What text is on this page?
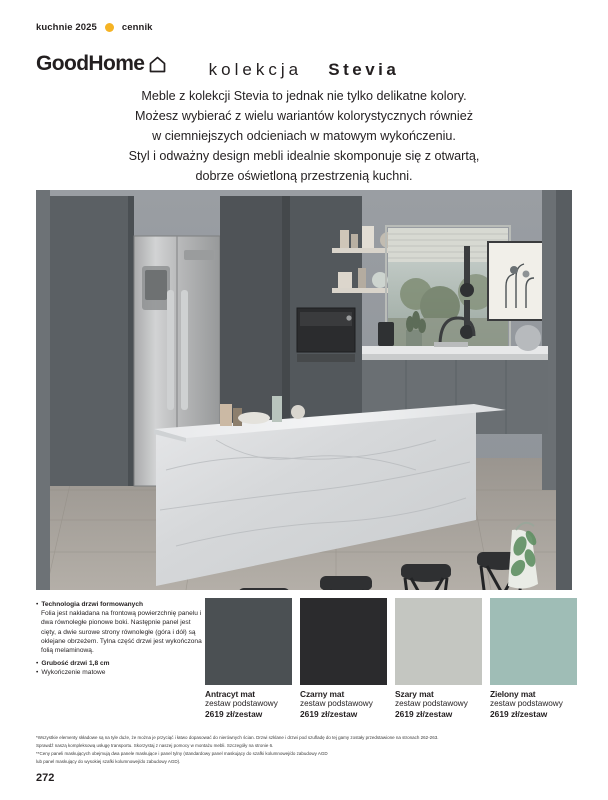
kuchnie 2025	cennik
GoodHome	kolekcja Stevia
Meble z kolekcji Stevia to jednak nie tylko delikatne kolory.
Możesz wybierać z wielu wariantów kolorystycznych również
w ciemniejszych odcieniach w matowym wykończeniu.
Styl i odważny design mebli idealnie skomponuje się z otwartą,
dobrze oświetloną przestrzenią kuchni.
• Technologia drzwi formowanych
Folia jest nakładana na frontową powierzchnię panelu i dwa równoległe pionowe boki. Następnie panel jest cięty, a dwie surowe strony równoległe (góra i dół) są oklejane obrzeżem. Tylna część drzwi jest wykończona folią melaminową.
• Grubość drzwi 1,8 cm
• Wykończenie matowe
Antracyt mat
zestaw podstawowy
2619 zł/zestaw
Czarny mat
zestaw podstawowy
2619 zł/zestaw
Szary mat
zestaw podstawowy
2619 zł/zestaw
Zielony mat
zestaw podstawowy
2619 zł/zestaw

*Wszystkie elementy składowe są na tyle duże, że można je przyciąć i łatwo dopasować do nierównych ścian. Drzwi szklane i drzwi pod szufladę do tej gamy zostały przedstawione na stronach 262-263.

Sprawdź naszą kompleksową usługę transportu. Skorzystaj z naszej pomocy w montażu mebli. Szczegóły na stronie 6.

**Ceny paneli maskujących obejmują dwa panele maskujące i panel tylny (standardowy panel maskujący do szafki kolumnowej/do zabudowy AGD

lub panel maskujący do wysokiej szafki kolumnowej/do zabudowy AGD).

272
